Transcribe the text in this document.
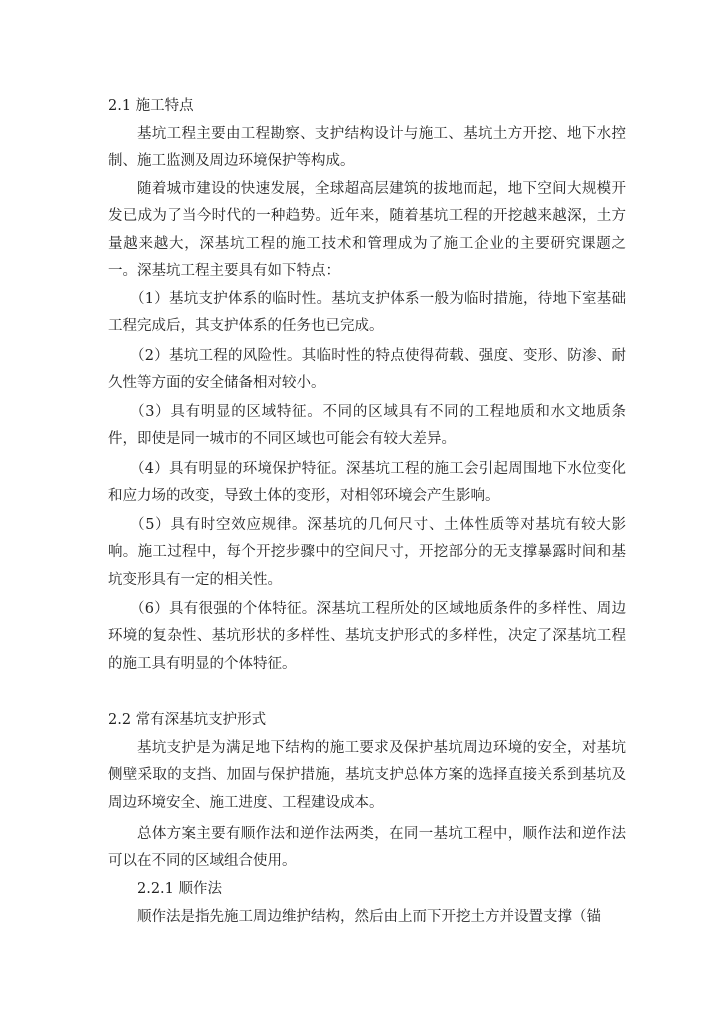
2.1 施工特点

基坑工程主要由工程勘察、支护结构设计与施工、基坑土方开挖、地下水控制、施工监测及周边环境保护等构成。

随着城市建设的快速发展，全球超高层建筑的拔地而起，地下空间大规模开发已成为了当今时代的一种趋势。近年来，随着基坑工程的开挖越来越深，土方量越来越大，深基坑工程的施工技术和管理成为了施工企业的主要研究课题之一。深基坑工程主要具有如下特点：

（1）基坑支护体系的临时性。基坑支护体系一般为临时措施，待地下室基础工程完成后，其支护体系的任务也已完成。

（2）基坑工程的风险性。其临时性的特点使得荷载、强度、变形、防渗、耐久性等方面的安全储备相对较小。

（3）具有明显的区域特征。不同的区域具有不同的工程地质和水文地质条件，即使是同一城市的不同区域也可能会有较大差异。

（4）具有明显的环境保护特征。深基坑工程的施工会引起周围地下水位变化和应力场的改变，导致土体的变形，对相邻环境会产生影响。

（5）具有时空效应规律。深基坑的几何尺寸、土体性质等对基坑有较大影响。施工过程中，每个开挖步骤中的空间尺寸，开挖部分的无支撑暴露时间和基坑变形具有一定的相关性。

（6）具有很强的个体特征。深基坑工程所处的区域地质条件的多样性、周边环境的复杂性、基坑形状的多样性、基坑支护形式的多样性，决定了深基坑工程的施工具有明显的个体特征。

2.2 常有深基坑支护形式

基坑支护是为满足地下结构的施工要求及保护基坑周边环境的安全，对基坑侧壁采取的支挡、加固与保护措施，基坑支护总体方案的选择直接关系到基坑及周边环境安全、施工进度、工程建设成本。

总体方案主要有顺作法和逆作法两类，在同一基坑工程中，顺作法和逆作法可以在不同的区域组合使用。

2.2.1 顺作法

顺作法是指先施工周边维护结构，然后由上而下开挖土方并设置支撑（锚
